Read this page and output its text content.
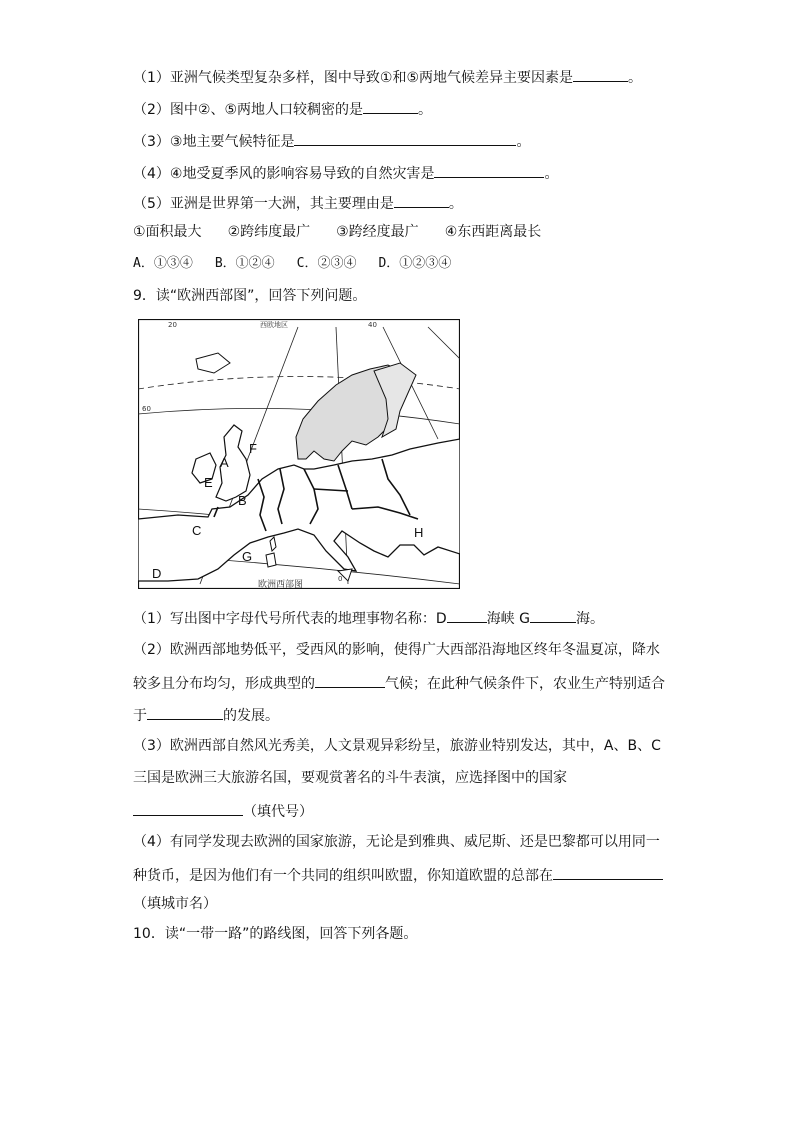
（1）亚洲气候类型复杂多样，图中导致①和⑤两地气候差异主要因素是	。
（2）图中②、⑤两地人口较稠密的是	。
（3）③地主要气候特征是	。
（4）④地受夏季风的影响容易导致的自然灾害是	。
（5）亚洲是世界第一大洲，其主要理由是	。
①面积最大 ②跨纬度最广 ③跨经度最广 ④东西距离最长
A．①③④ B．①②④ C．②③④ D．①②③④
9．读“欧洲西部图”，回答下列问题。
20	40
60
0
西欧地区
A
B
C
D
E
F
G
H
欧洲西部图
（1）写出图中字母代号所代表的地理事物名称：D	海峡 G	海。
（2）欧洲西部地势低平，受西风的影响，使得广大西部沿海地区终年冬温夏凉，降水
较多且分布均匀，形成典型的	气候；在此种气候条件下，农业生产特别适合
于	的发展。
（3）欧洲西部自然风光秀美，人文景观异彩纷呈，旅游业特别发达，其中，A、B、C
三国是欧洲三大旅游名国，要观赏著名的斗牛表演，应选择图中的国家
（填代号）
（4）有同学发现去欧洲的国家旅游，无论是到雅典、威尼斯、还是巴黎都可以用同一
种货币，是因为他们有一个共同的组织叫欧盟，你知道欧盟的总部在
（填城市名）
10．读“一带一路”的路线图，回答下列各题。
